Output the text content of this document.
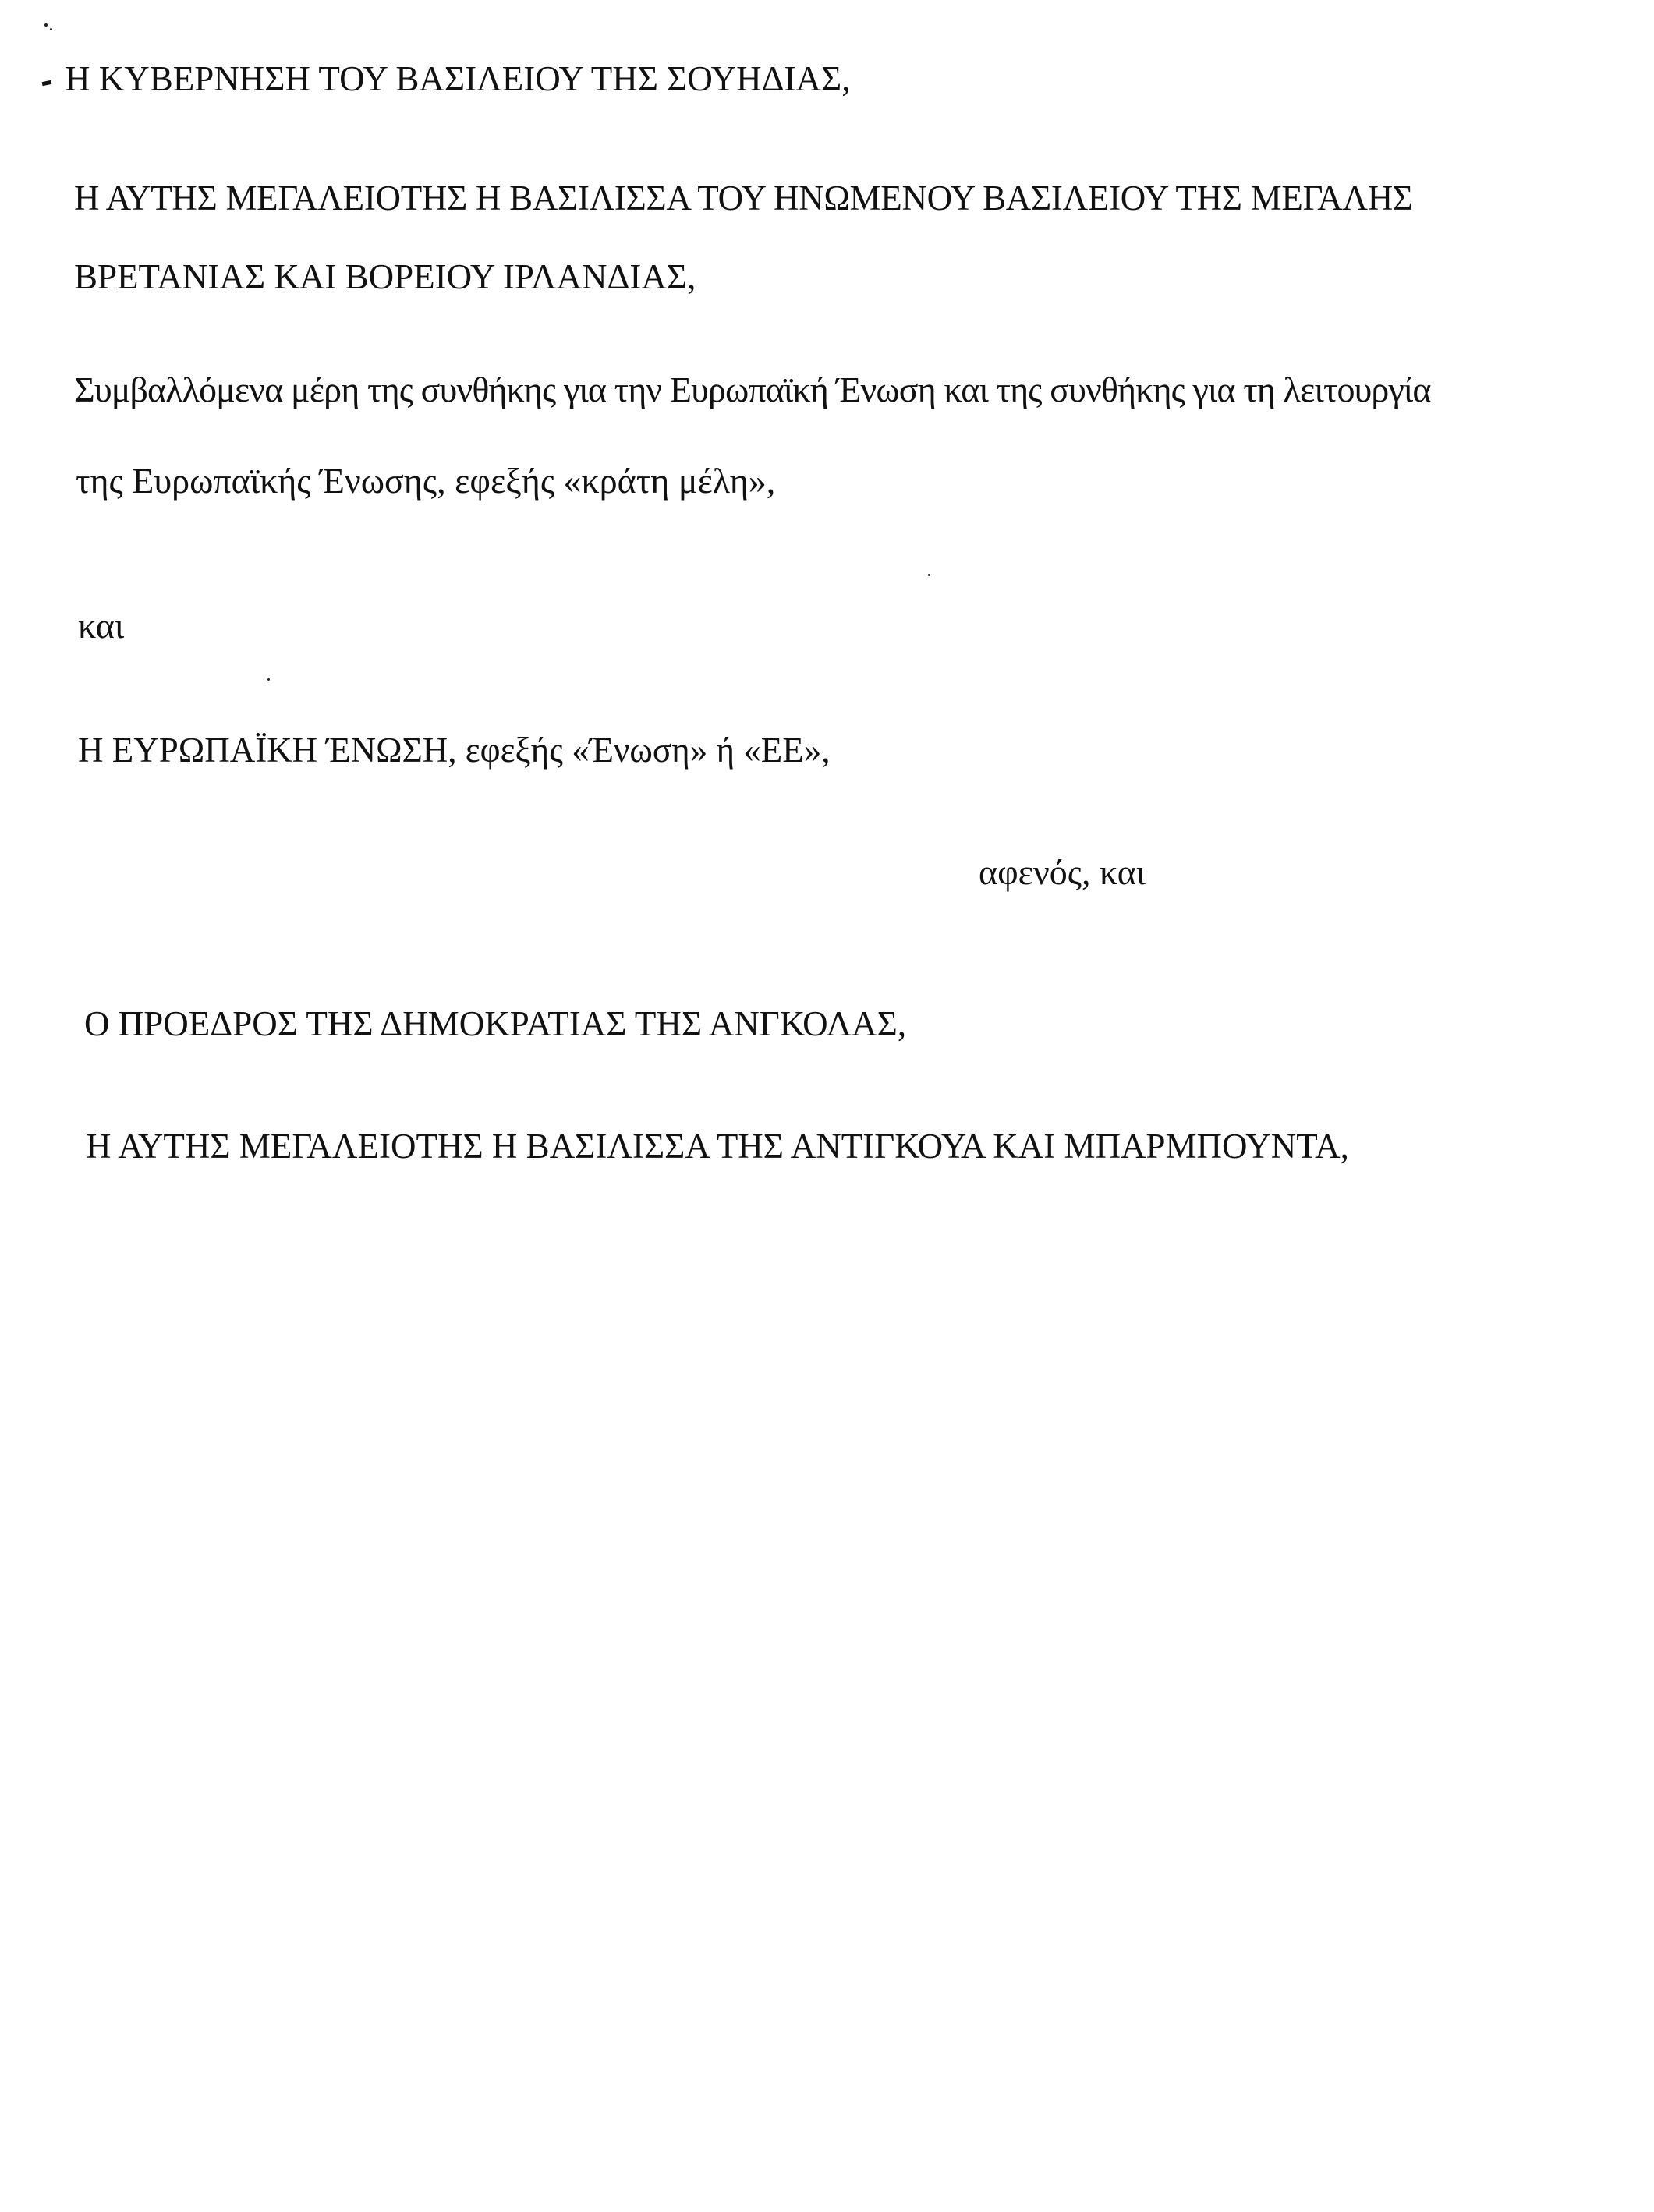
Η ΚΥΒΕΡΝΗΣΗ ΤΟΥ ΒΑΣΙΛΕΙΟΥ ΤΗΣ ΣΟΥΗΔΙΑΣ,
Η ΑΥΤΗΣ ΜΕΓΑΛΕΙΟΤΗΣ Η ΒΑΣΙΛΙΣΣΑ ΤΟΥ ΗΝΩΜΕΝΟΥ ΒΑΣΙΛΕΙΟΥ ΤΗΣ ΜΕΓΑΛΗΣ
ΒΡΕΤΑΝΙΑΣ ΚΑΙ ΒΟΡΕΙΟΥ ΙΡΛΑΝΔΙΑΣ,
Συμβαλλόμενα μέρη της συνθήκης για την Ευρωπαϊκή Ένωση και της συνθήκης για τη λειτουργία
της Ευρωπαϊκής Ένωσης, εφεξής «κράτη μέλη»,
και
Η ΕΥΡΩΠΑΪΚΗ ΈΝΩΣΗ, εφεξής «Ένωση» ή «ΕΕ»,
αφενός, και
Ο ΠΡΟΕΔΡΟΣ ΤΗΣ ΔΗΜΟΚΡΑΤΙΑΣ ΤΗΣ ΑΝΓΚΟΛΑΣ,
Η ΑΥΤΗΣ ΜΕΓΑΛΕΙΟΤΗΣ Η ΒΑΣΙΛΙΣΣΑ ΤΗΣ ΑΝΤΙΓΚΟΥΑ ΚΑΙ ΜΠΑΡΜΠΟΥΝΤΑ,
